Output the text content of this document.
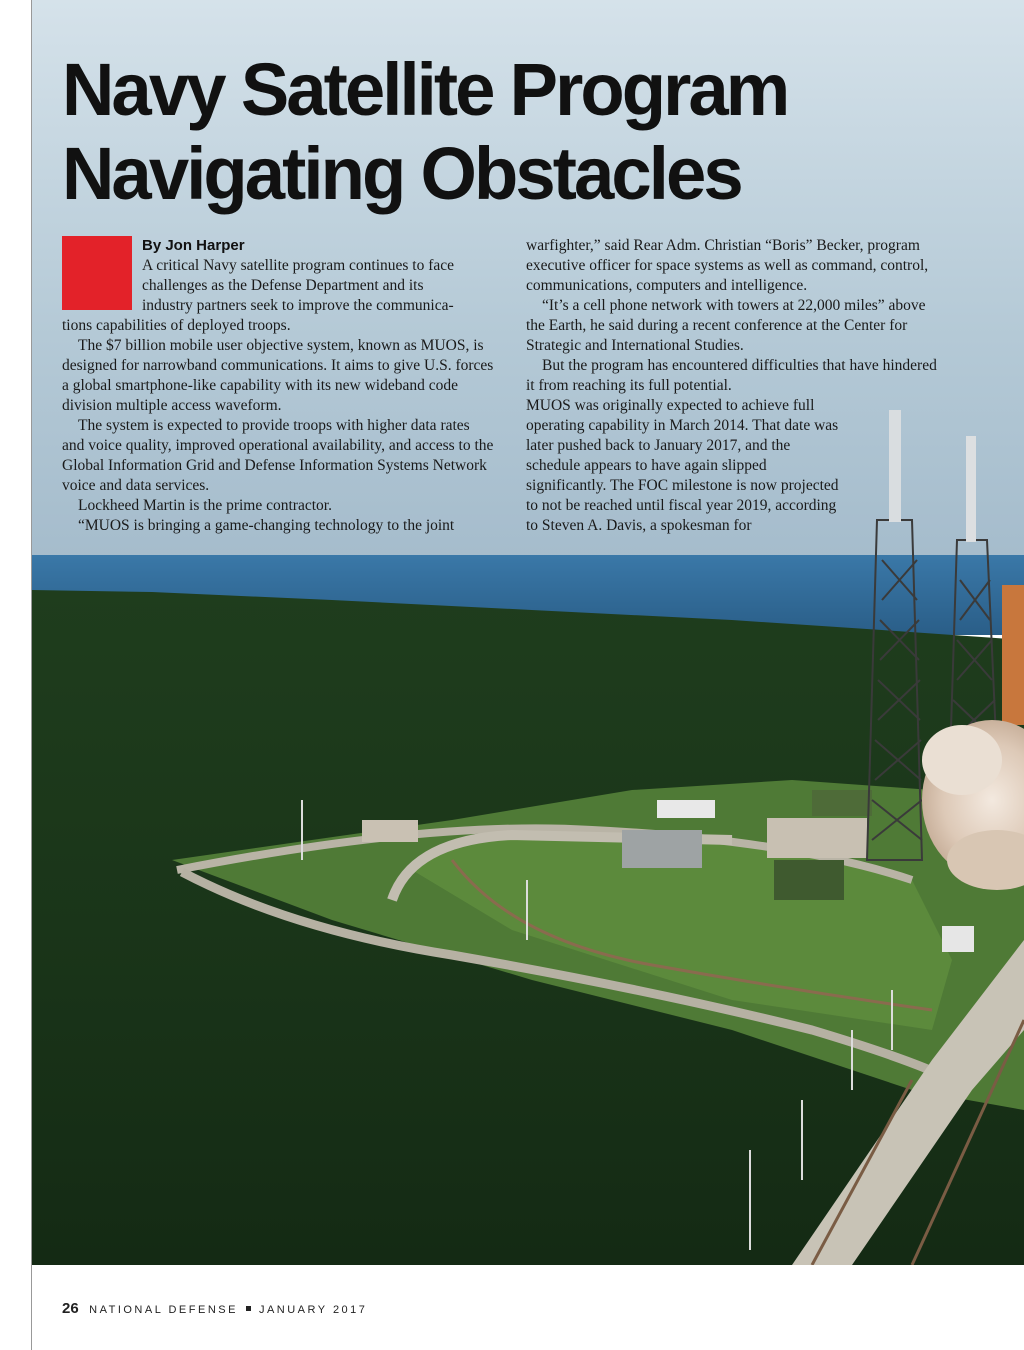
Navy Satellite Program
Navigating Obstacles
By Jon Harper

A critical Navy satellite program continues to face

challenges as the Defense Department and its

industry partners seek to improve the communica-

tions capabilities of deployed troops.

The $7 billion mobile user objective system, known as MUOS, is designed for narrowband communications. It aims to give U.S. forces a global smartphone-like capability with its new wideband code division multiple access waveform.

The system is expected to provide troops with higher data rates and voice quality, improved operational availability, and access to the Global Information Grid and Defense Information Systems Network voice and data services.

Lockheed Martin is the prime contractor.

“MUOS is bringing a game-changing technology to the joint

warfighter,” said Rear Adm. Christian “Boris” Becker, program executive officer for space systems as well as command, control, communications, computers and intelligence.

“It’s a cell phone network with towers at 22,000 miles” above the Earth, he said during a recent conference at the Center for Strategic and International Studies.

But the program has encountered difficulties that have hindered it from reaching its full potential.

MUOS was originally expected to achieve full operating capability in March 2014. That date was later pushed back to January 2017, and the schedule appears to have again slipped significantly. The FOC milestone is now projected to not be reached until fiscal year 2019, according to Steven A. Davis, a spokesman for

26 NATIONAL DEFENSE JANUARY 2017
